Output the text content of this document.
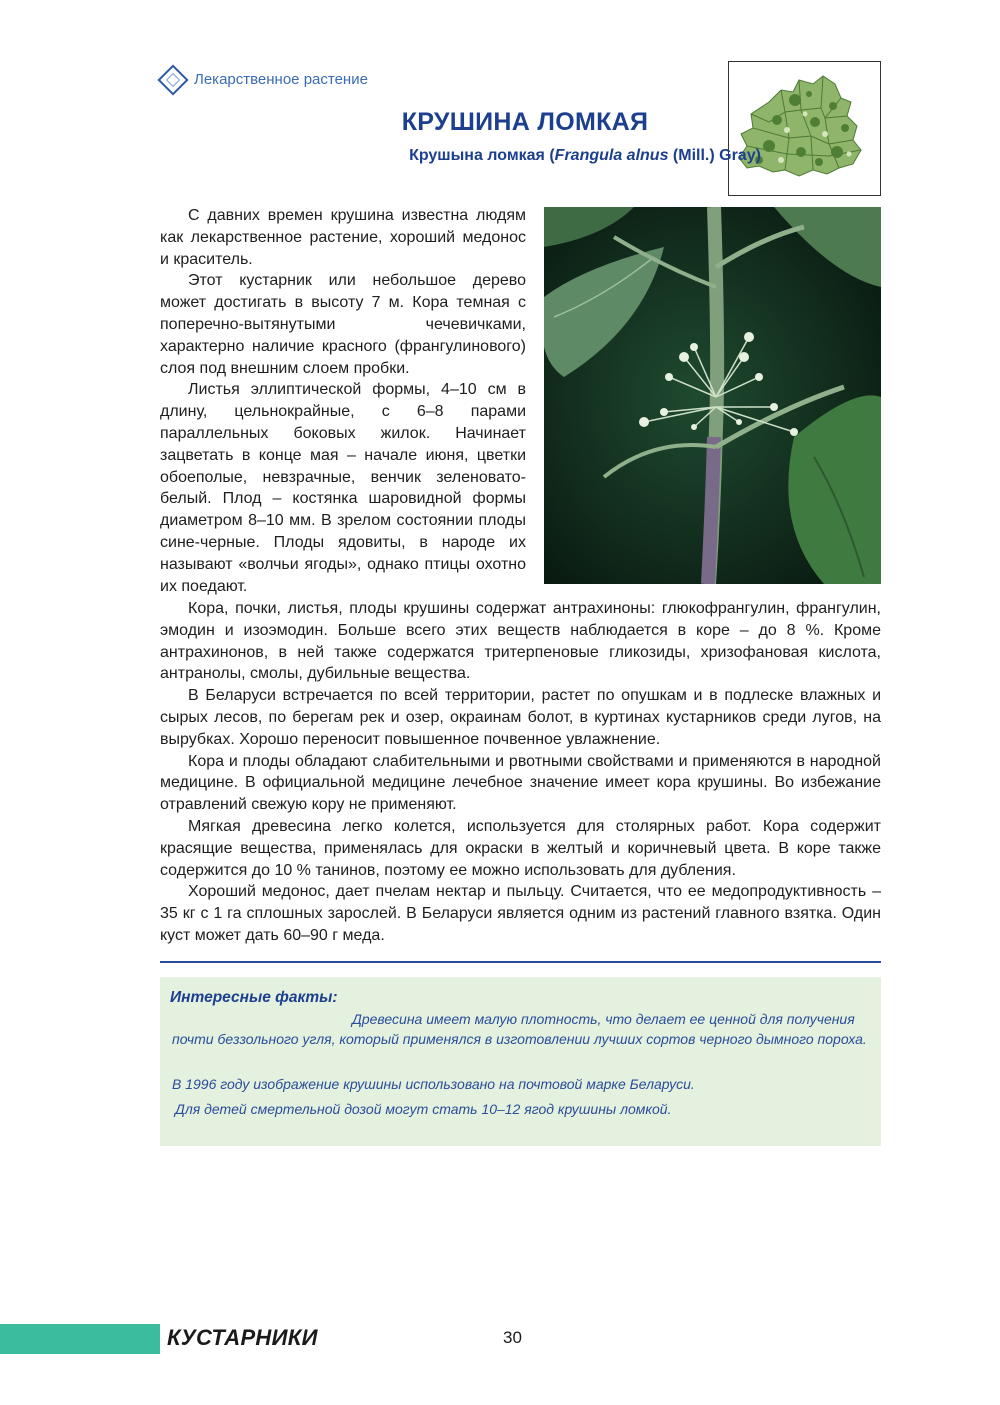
Лекарственное растение
КРУШИНА ЛОМКАЯ
Крушына ломкая (Frangula alnus (Mill.) Gray)

С давних времен крушина известна людям как лекарственное растение, хороший медонос и краситель.

Этот кустарник или небольшое дерево может достигать в высоту 7 м. Кора темная с поперечно-вытянутыми чечевичками, характерно наличие красного (франгулинового) слоя под внешним слоем пробки.

Листья эллиптической формы, 4–10 см в длину, цельнокрайные, с 6–8 парами параллельных боковых жилок. Начинает зацветать в конце мая – начале июня, цветки обоеполые, невзрачные, венчик зеленовато-белый. Плод – костянка шаровидной формы диаметром 8–10 мм. В зрелом состоянии плоды сине-черные. Плоды ядовиты, в народе их называют «волчьи ягоды», однако птицы охотно их поедают.

Кора, почки, листья, плоды крушины содержат антрахиноны: глюкофрангулин, франгулин, эмодин и изоэмодин. Больше всего этих веществ наблюдается в коре – до 8 %. Кроме антрахинонов, в ней также содержатся тритерпеновые гликозиды, хризофановая кислота, антранолы, смолы, дубильные вещества.

В Беларуси встречается по всей территории, растет по опушкам и в подлеске влажных и сырых лесов, по берегам рек и озер, окраинам болот, в куртинах кустарников среди лугов, на вырубках. Хорошо переносит повышенное почвенное увлажнение.

Кора и плоды обладают слабительными и рвотными свойствами и применяются в народной медицине. В официальной медицине лечебное значение имеет кора крушины. Во избежание отравлений свежую кору не применяют.

Мягкая древесина легко колется, используется для столярных работ. Кора содержит красящие вещества, применялась для окраски в желтый и коричневый цвета. В коре также содержится до 10 % танинов, поэтому ее можно использовать для дубления.

Хороший медонос, дает пчелам нектар и пыльцу. Считается, что ее медопродуктивность – 35 кг с 1 га сплошных зарослей. В Беларуси является одним из растений главного взятка. Один куст может дать 60–90 г меда.

Интересные факты:
Древесина имеет малую плотность, что делает ее ценной для получения почти беззольного угля, который применялся в изготовлении лучших сортов черного дымного пороха.
В 1996 году изображение крушины использовано на почтовой марке Беларуси.
Для детей смертельной дозой могут стать 10–12 ягод крушины ломкой.
КУСТАРНИКИ	30
